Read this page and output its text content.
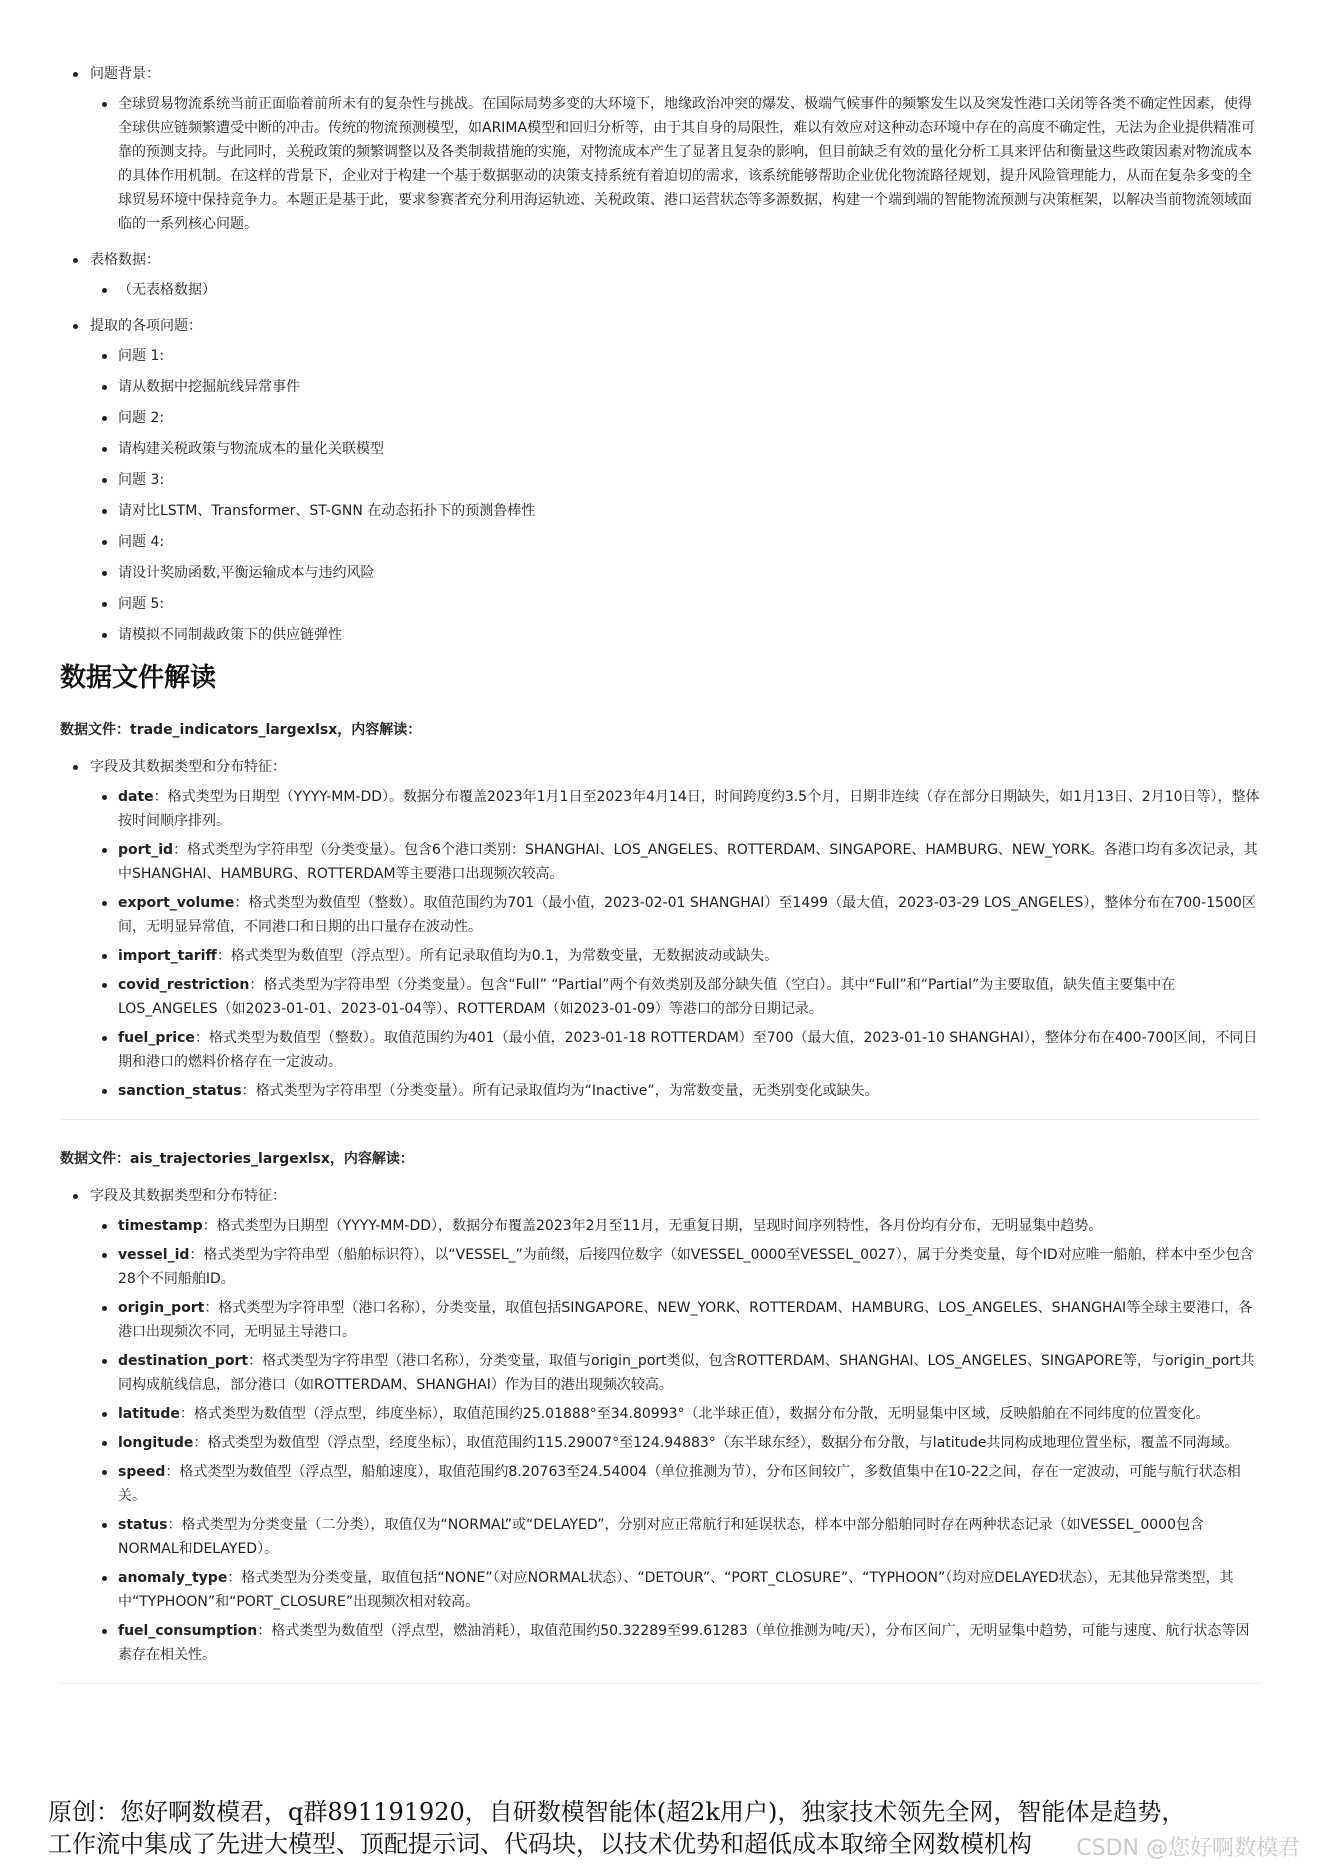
问题背景：
全球贸易物流系统当前正面临着前所未有的复杂性与挑战。在国际局势多变的大环境下，地缘政治冲突的爆发、极端气候事件的频繁发生以及突发性港口关闭等各类不确定性因素，使得全球供应链频繁遭受中断的冲击。传统的物流预测模型，如ARIMA模型和回归分析等，由于其自身的局限性，难以有效应对这种动态环境中存在的高度不确定性，无法为企业提供精准可靠的预测支持。与此同时，关税政策的频繁调整以及各类制裁措施的实施，对物流成本产生了显著且复杂的影响，但目前缺乏有效的量化分析工具来评估和衡量这些政策因素对物流成本的具体作用机制。在这样的背景下，企业对于构建一个基于数据驱动的决策支持系统有着迫切的需求，该系统能够帮助企业优化物流路径规划，提升风险管理能力，从而在复杂多变的全球贸易环境中保持竞争力。本题正是基于此，要求参赛者充分利用海运轨迹、关税政策、港口运营状态等多源数据，构建一个端到端的智能物流预测与决策框架，以解决当前物流领域面临的一系列核心问题。
表格数据：
（无表格数据）
提取的各项问题：
问题 1:
请从数据中挖掘航线异常事件
问题 2:
请构建关税政策与物流成本的量化关联模型
问题 3:
请对比LSTM、Transformer、ST-GNN 在动态拓扑下的预测鲁棒性
问题 4:
请设计奖励函数,平衡运输成本与违约风险
问题 5:
请模拟不同制裁政策下的供应链弹性
数据文件解读
数据文件：trade_indicators_largexlsx，内容解读：
字段及其数据类型和分布特征：
date：格式类型为日期型（YYYY-MM-DD）。数据分布覆盖2023年1月1日至2023年4月14日，时间跨度约3.5个月，日期非连续（存在部分日期缺失，如1月13日、2月10日等），整体按时间顺序排列。
port_id：格式类型为字符串型（分类变量）。包含6个港口类别：SHANGHAI、LOS_ANGELES、ROTTERDAM、SINGAPORE、HAMBURG、NEW_YORK。各港口均有多次记录，其中SHANGHAI、HAMBURG、ROTTERDAM等主要港口出现频次较高。
export_volume：格式类型为数值型（整数）。取值范围约为701（最小值，2023-02-01 SHANGHAI）至1499（最大值，2023-03-29 LOS_ANGELES），整体分布在700-1500区间，无明显异常值，不同港口和日期的出口量存在波动性。
import_tariff：格式类型为数值型（浮点型）。所有记录取值均为0.1，为常数变量，无数据波动或缺失。
covid_restriction：格式类型为字符串型（分类变量）。包含“Full” “Partial”两个有效类别及部分缺失值（空白）。其中“Full”和“Partial”为主要取值，缺失值主要集中在LOS_ANGELES（如2023-01-01、2023-01-04等）、ROTTERDAM（如2023-01-09）等港口的部分日期记录。
fuel_price：格式类型为数值型（整数）。取值范围约为401（最小值，2023-01-18 ROTTERDAM）至700（最大值，2023-01-10 SHANGHAI），整体分布在400-700区间，不同日期和港口的燃料价格存在一定波动。
sanction_status：格式类型为字符串型（分类变量）。所有记录取值均为“Inactive”，为常数变量，无类别变化或缺失。
数据文件：ais_trajectories_largexlsx，内容解读：
字段及其数据类型和分布特征：
timestamp：格式类型为日期型（YYYY-MM-DD），数据分布覆盖2023年2月至11月，无重复日期，呈现时间序列特性，各月份均有分布，无明显集中趋势。
vessel_id：格式类型为字符串型（船舶标识符），以“VESSEL_”为前缀，后接四位数字（如VESSEL_0000至VESSEL_0027），属于分类变量，每个ID对应唯一船舶，样本中至少包含28个不同船舶ID。
origin_port：格式类型为字符串型（港口名称），分类变量，取值包括SINGAPORE、NEW_YORK、ROTTERDAM、HAMBURG、LOS_ANGELES、SHANGHAI等全球主要港口，各港口出现频次不同，无明显主导港口。
destination_port：格式类型为字符串型（港口名称），分类变量，取值与origin_port类似，包含ROTTERDAM、SHANGHAI、LOS_ANGELES、SINGAPORE等，与origin_port共同构成航线信息，部分港口（如ROTTERDAM、SHANGHAI）作为目的港出现频次较高。
latitude：格式类型为数值型（浮点型，纬度坐标），取值范围约25.01888°至34.80993°（北半球正值），数据分布分散，无明显集中区域，反映船舶在不同纬度的位置变化。
longitude：格式类型为数值型（浮点型，经度坐标），取值范围约115.29007°至124.94883°（东半球东经），数据分布分散，与latitude共同构成地理位置坐标，覆盖不同海域。
speed：格式类型为数值型（浮点型，船舶速度），取值范围约8.20763至24.54004（单位推测为节），分布区间较广，多数值集中在10-22之间，存在一定波动，可能与航行状态相关。
status：格式类型为分类变量（二分类），取值仅为“NORMAL”或“DELAYED”，分别对应正常航行和延误状态，样本中部分船舶同时存在两种状态记录（如VESSEL_0000包含NORMAL和DELAYED）。
anomaly_type：格式类型为分类变量，取值包括“NONE”（对应NORMAL状态）、“DETOUR”、“PORT_CLOSURE”、“TYPHOON”（均对应DELAYED状态），无其他异常类型，其中“TYPHOON”和“PORT_CLOSURE”出现频次相对较高。
fuel_consumption：格式类型为数值型（浮点型，燃油消耗），取值范围约50.32289至99.61283（单位推测为吨/天），分布区间广，无明显集中趋势，可能与速度、航行状态等因素存在相关性。
原创：您好啊数模君，q群891191920，自研数模智能体(超2k用户)，独家技术领先全网，智能体是趋势，
工作流中集成了先进大模型、顶配提示词、代码块，以技术优势和超低成本取缔全网数模机构	CSDN @您好啊数模君
